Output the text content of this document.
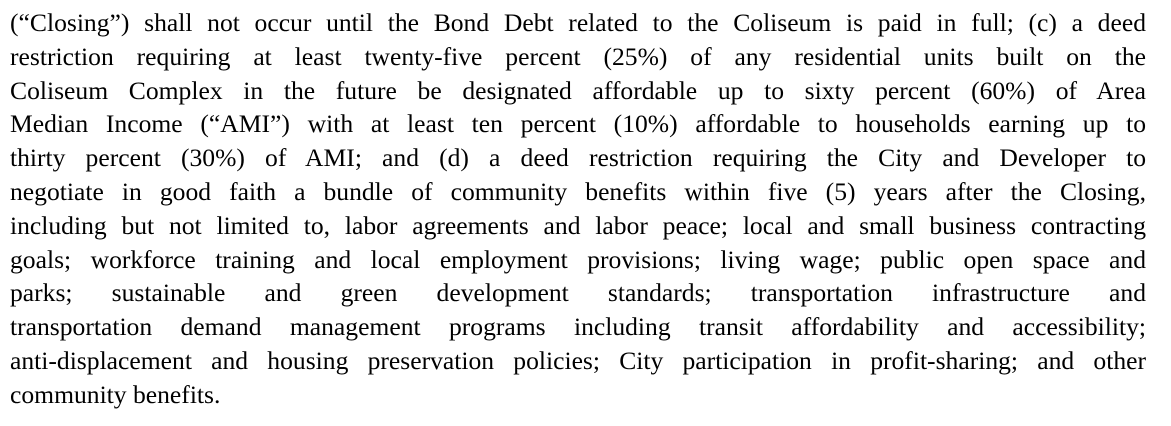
(“Closing”) shall not occur until the Bond Debt related to the Coliseum is paid in full; (c) a deed
restriction requiring at least twenty-five percent (25%) of any residential units built on the
Coliseum Complex in the future be designated affordable up to sixty percent (60%) of Area
Median Income (“AMI”) with at least ten percent (10%) affordable to households earning up to
thirty percent (30%) of AMI; and (d) a deed restriction requiring the City and Developer to
negotiate in good faith a bundle of community benefits within five (5) years after the Closing,
including but not limited to, labor agreements and labor peace; local and small business contracting
goals; workforce training and local employment provisions; living wage; public open space and
parks; sustainable and green development standards; transportation infrastructure and
transportation demand management programs including transit affordability and accessibility;
anti-displacement and housing preservation policies; City participation in profit-sharing; and other
community benefits.
